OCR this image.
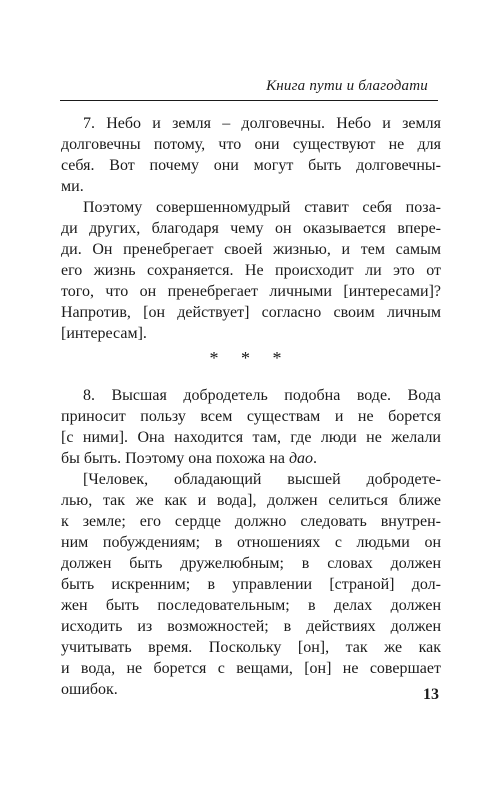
Книга пути и благодати
7. Небо и земля – долговечны. Небо и земля
долговечны потому, что они существуют не для
себя. Вот почему они могут быть долговечны-
ми.
Поэтому совершенномудрый ставит себя поза-
ди других, благодаря чему он оказывается впере-
ди. Он пренебрегает своей жизнью, и тем самым
его жизнь сохраняется. Не происходит ли это от
того, что он пренебрегает личными [интересами]?
Напротив, [он действует] согласно своим личным
[интересам].
* * *
8. Высшая добродетель подобна воде. Вода
приносит пользу всем существам и не борется
[с ними]. Она находится там, где люди не желали
бы быть. Поэтому она похожа на дао.
[Человек, обладающий высшей добродете-
лью, так же как и вода], должен селиться ближе
к земле; его сердце должно следовать внутрен-
ним побуждениям; в отношениях с людьми он
должен быть дружелюбным; в словах должен
быть искренним; в управлении [страной] дол-
жен быть последовательным; в делах должен
исходить из возможностей; в действиях должен
учитывать время. Поскольку [он], так же как
и вода, не борется с вещами, [он] не совершает
ошибок.	13
